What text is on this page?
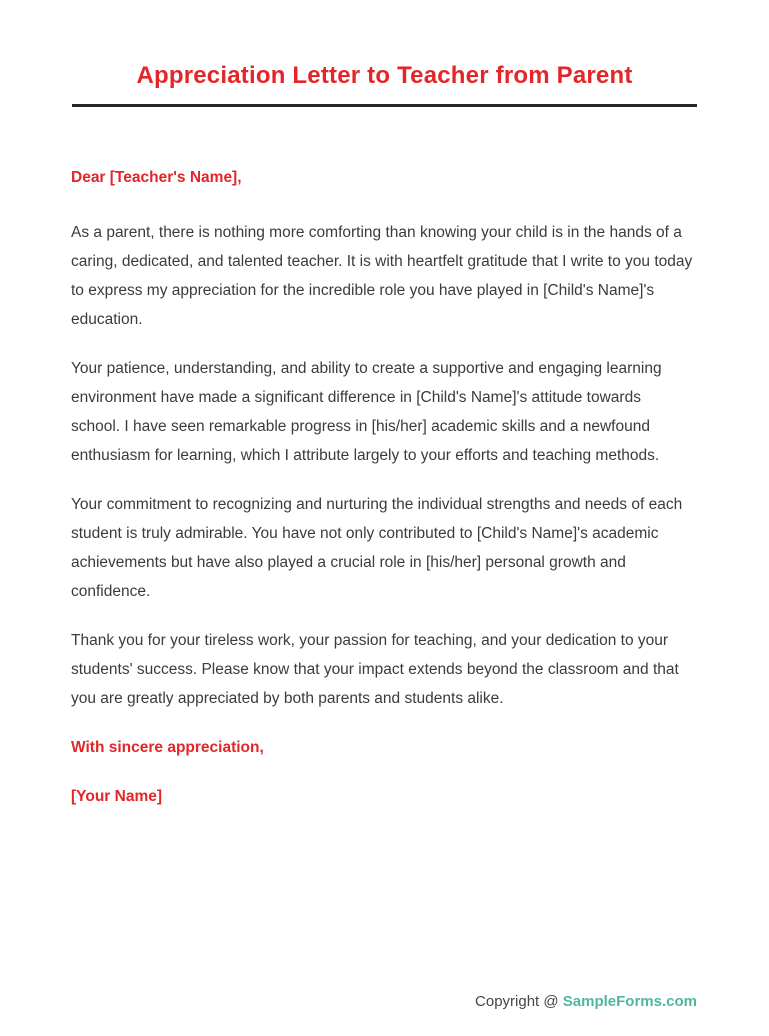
Appreciation Letter to Teacher from Parent

Dear [Teacher's Name],

As a parent, there is nothing more comforting than knowing your child is in the hands of a caring, dedicated, and talented teacher. It is with heartfelt gratitude that I write to you today to express my appreciation for the incredible role you have played in [Child's Name]'s education.

Your patience, understanding, and ability to create a supportive and engaging learning environment have made a significant difference in [Child's Name]'s attitude towards school. I have seen remarkable progress in [his/her] academic skills and a newfound enthusiasm for learning, which I attribute largely to your efforts and teaching methods.

Your commitment to recognizing and nurturing the individual strengths and needs of each student is truly admirable. You have not only contributed to [Child's Name]'s academic achievements but have also played a crucial role in [his/her] personal growth and confidence.

Thank you for your tireless work, your passion for teaching, and your dedication to your students' success. Please know that your impact extends beyond the classroom and that you are greatly appreciated by both parents and students alike.

With sincere appreciation,

[Your Name]

Copyright @ SampleForms.com
